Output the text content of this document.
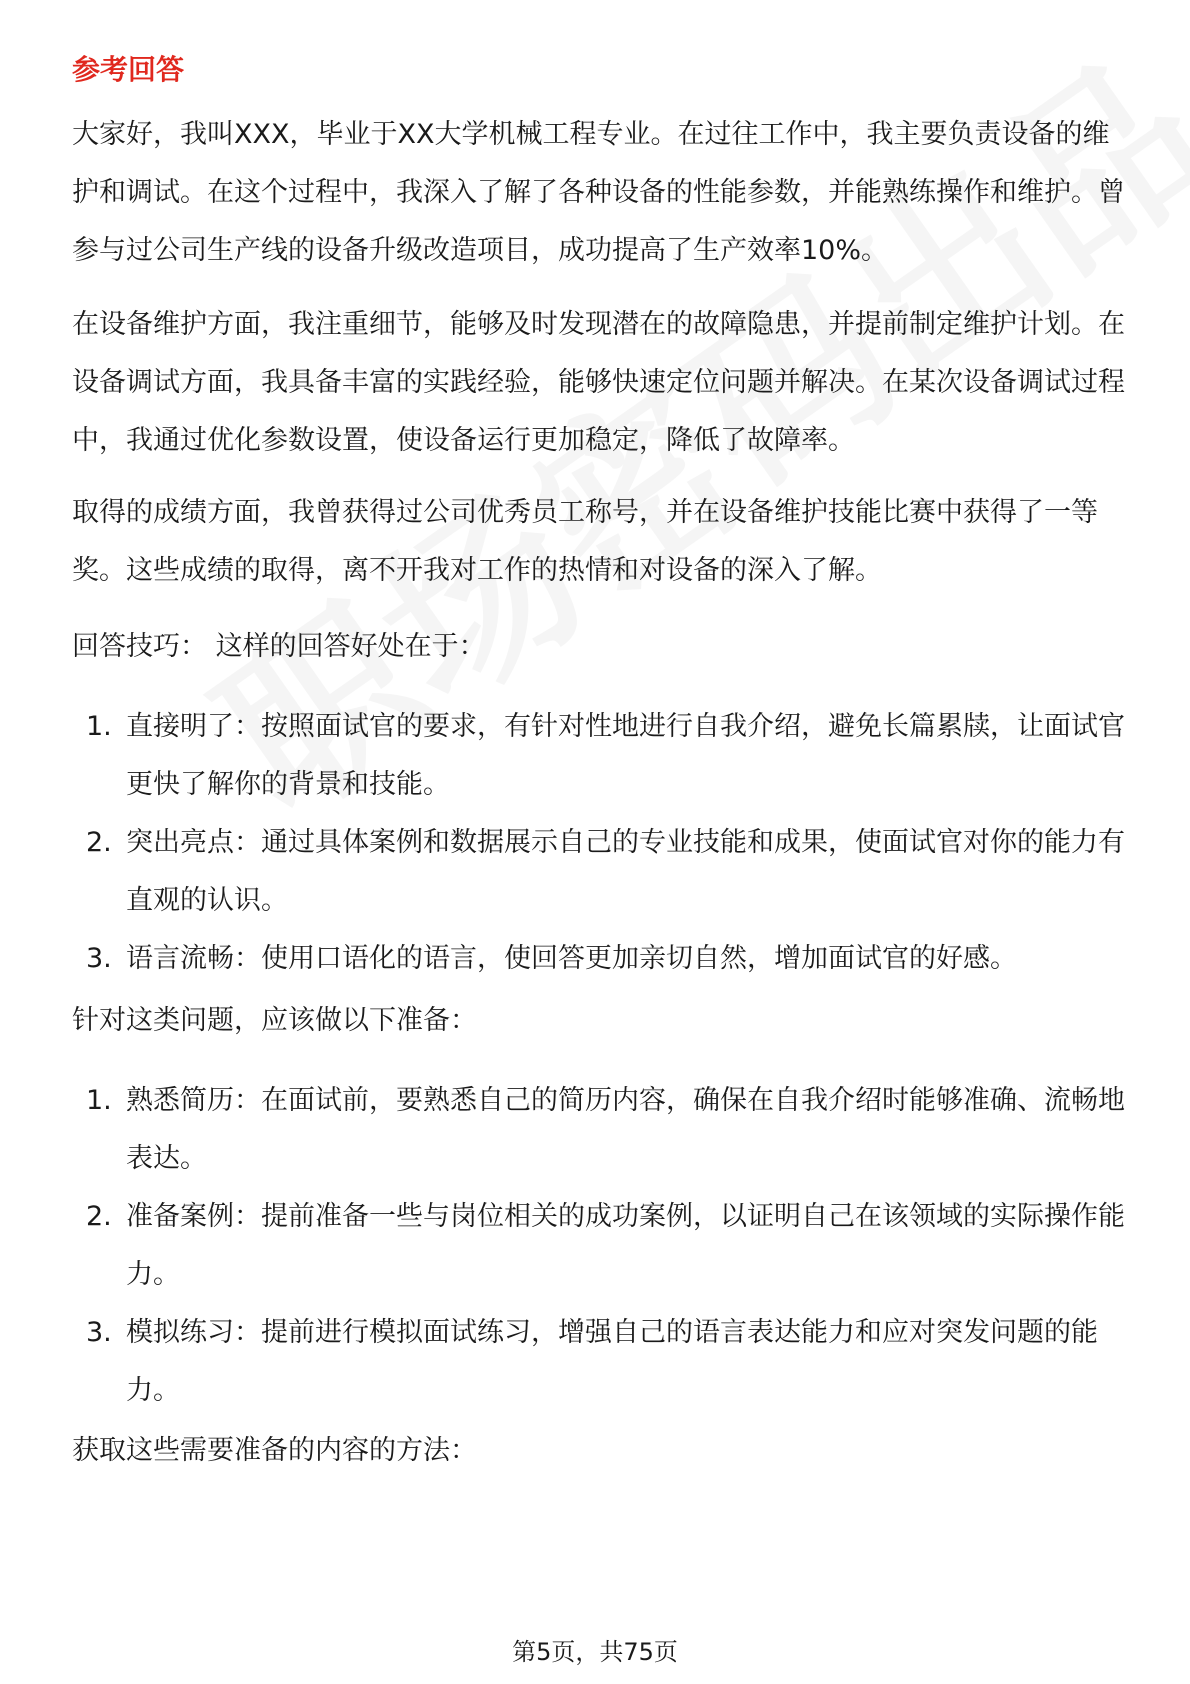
参考回答

大家好，我叫XXX，毕业于XX大学机械工程专业。在过往工作中，我主要负责设备的维护和调试。在这个过程中，我深入了解了各种设备的性能参数，并能熟练操作和维护。曾参与过公司生产线的设备升级改造项目，成功提高了生产效率10%。

在设备维护方面，我注重细节，能够及时发现潜在的故障隐患，并提前制定维护计划。在设备调试方面，我具备丰富的实践经验，能够快速定位问题并解决。在某次设备调试过程中，我通过优化参数设置，使设备运行更加稳定，降低了故障率。

取得的成绩方面，我曾获得过公司优秀员工称号，并在设备维护技能比赛中获得了一等奖。这些成绩的取得，离不开我对工作的热情和对设备的深入了解。

回答技巧： 这样的回答好处在于：

1. 直接明了：按照面试官的要求，有针对性地进行自我介绍，避免长篇累牍，让面试官更快了解你的背景和技能。
2. 突出亮点：通过具体案例和数据展示自己的专业技能和成果，使面试官对你的能力有直观的认识。
3. 语言流畅：使用口语化的语言，使回答更加亲切自然，增加面试官的好感。

针对这类问题，应该做以下准备：

1. 熟悉简历：在面试前，要熟悉自己的简历内容，确保在自我介绍时能够准确、流畅地表达。
2. 准备案例：提前准备一些与岗位相关的成功案例，以证明自己在该领域的实际操作能力。
3. 模拟练习：提前进行模拟面试练习，增强自己的语言表达能力和应对突发问题的能力。

获取这些需要准备的内容的方法：

第5页，共75页
